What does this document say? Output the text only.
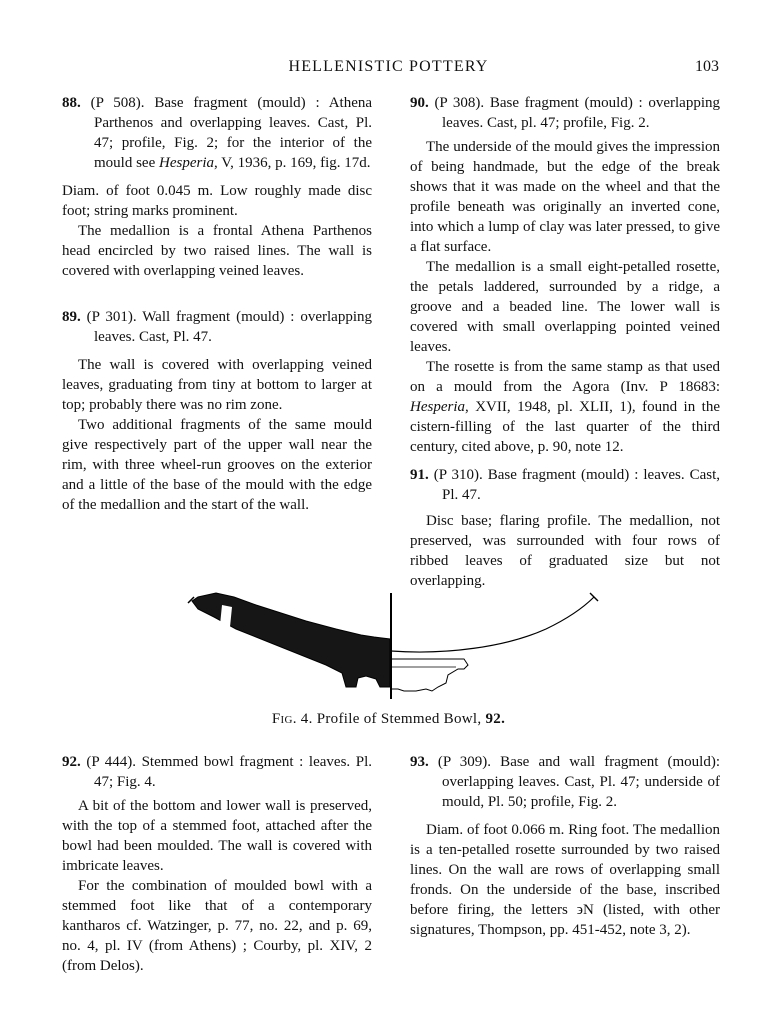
HELLENISTIC POTTERY	103

88. (P 508). Base fragment (mould) : Athena Parthenos and overlapping leaves. Cast, Pl. 47; profile, Fig. 2; for the interior of the mould see Hesperia, V, 1936, p. 169, fig. 17d.

Diam. of foot 0.045 m. Low roughly made disc foot; string marks prominent.

The medallion is a frontal Athena Parthenos head encircled by two raised lines. The wall is covered with overlapping veined leaves.

89. (P 301). Wall fragment (mould) : overlapping leaves. Cast, Pl. 47.

The wall is covered with overlapping veined leaves, graduating from tiny at bottom to larger at top; probably there was no rim zone.

Two additional fragments of the same mould give respectively part of the upper wall near the rim, with three wheel-run grooves on the exterior and a little of the base of the mould with the edge of the medallion and the start of the wall.

90. (P 308). Base fragment (mould) : overlapping leaves. Cast, pl. 47; profile, Fig. 2.

The underside of the mould gives the impression of being handmade, but the edge of the break shows that it was made on the wheel and that the profile beneath was originally an inverted cone, into which a lump of clay was later pressed, to give a flat surface.

The medallion is a small eight-petalled rosette, the petals laddered, surrounded by a ridge, a groove and a beaded line. The lower wall is covered with small overlapping pointed veined leaves.

The rosette is from the same stamp as that used on a mould from the Agora (Inv. P 18683: Hesperia, XVII, 1948, pl. XLII, 1), found in the cistern-filling of the last quarter of the third century, cited above, p. 90, note 12.

91. (P 310). Base fragment (mould) : leaves. Cast, Pl. 47.

Disc base; flaring profile. The medallion, not preserved, was surrounded with four rows of ribbed leaves of graduated size but not overlapping.

Fig. 4. Profile of Stemmed Bowl, 92.

92. (P 444). Stemmed bowl fragment : leaves. Pl. 47; Fig. 4.

A bit of the bottom and lower wall is preserved, with the top of a stemmed foot, attached after the bowl had been moulded. The wall is covered with imbricate leaves.

For the combination of moulded bowl with a stemmed foot like that of a contemporary kantharos cf. Watzinger, p. 77, no. 22, and p. 69, no. 4, pl. IV (from Athens) ; Courby, pl. XIV, 2 (from Delos).

93. (P 309). Base and wall fragment (mould): overlapping leaves. Cast, Pl. 47; underside of mould, Pl. 50; profile, Fig. 2.

Diam. of foot 0.066 m. Ring foot. The medallion is a ten-petalled rosette surrounded by two raised lines. On the wall are rows of overlapping small fronds. On the underside of the base, inscribed before firing, the letters ϶N (listed, with other signatures, Thompson, pp. 451-452, note 3, 2).
